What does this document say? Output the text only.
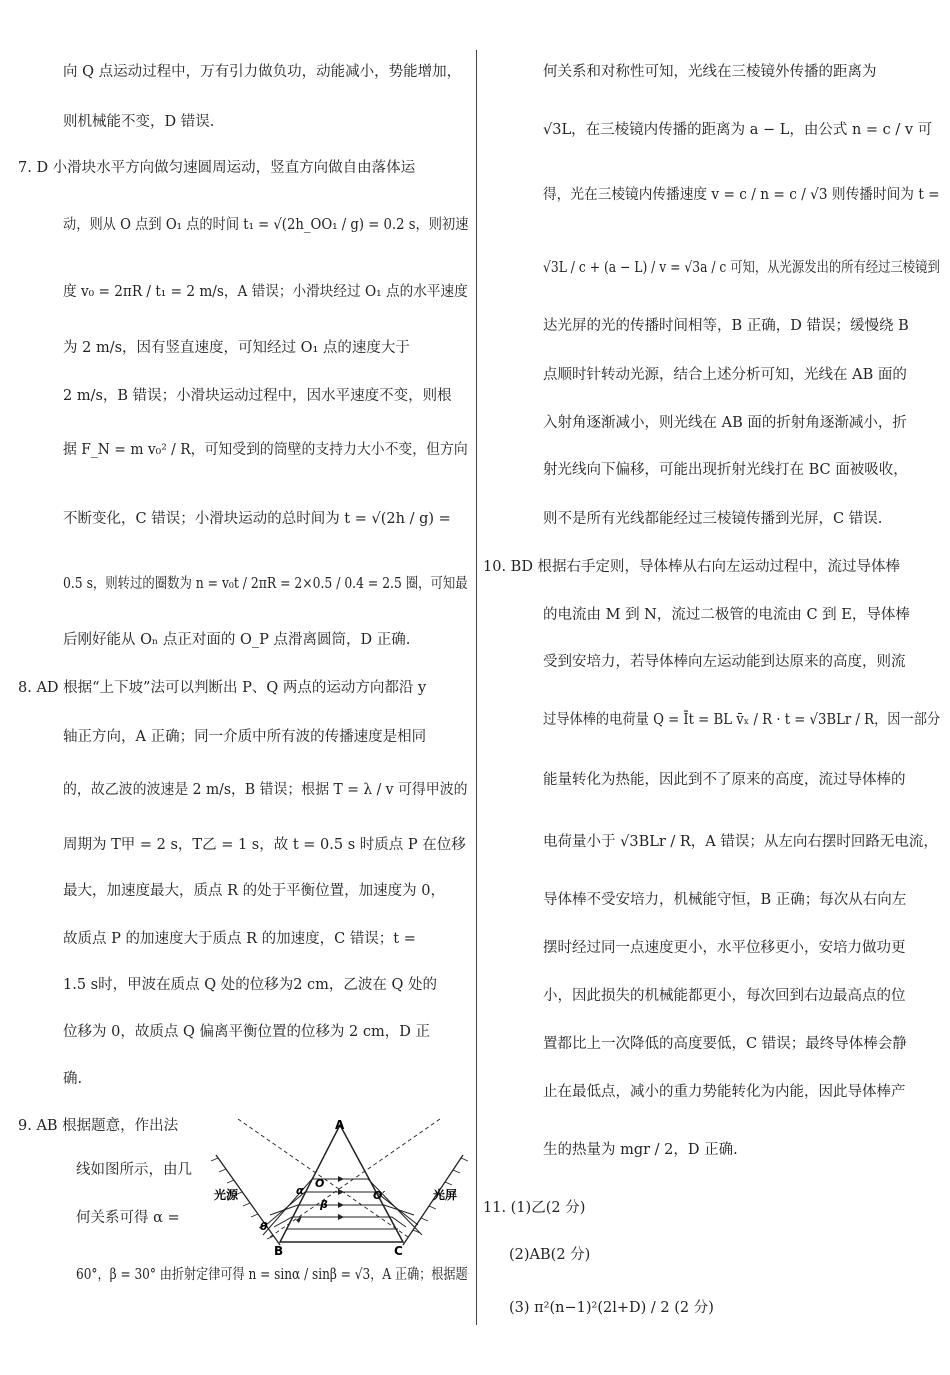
向 Q 点运动过程中，万有引力做负功，动能减小，势能增加，
则机械能不变，D 错误.
7. D 小滑块水平方向做匀速圆周运动，竖直方向做自由落体运
动，则从 O 点到 O₁ 点的时间 t₁ = √(2h_OO₁ / g) = 0.2 s，则初速
度 v₀ = 2πR / t₁ = 2 m/s，A 错误；小滑块经过 O₁ 点的水平速度
为 2 m/s，因有竖直速度，可知经过 O₁ 点的速度大于
2 m/s，B 错误；小滑块运动过程中，因水平速度不变，则根
据 F_N = m v₀² / R，可知受到的筒壁的支持力大小不变，但方向
不断变化，C 错误；小滑块运动的总时间为 t = √(2h / g) =
0.5 s，则转过的圈数为 n = v₀t / 2πR = 2×0.5 / 0.4 = 2.5 圈，可知最
后刚好能从 Oₙ 点正对面的 O_P 点滑离圆筒，D 正确.
8. AD 根据“上下坡”法可以判断出 P、Q 两点的运动方向都沿 y
轴正方向，A 正确；同一介质中所有波的传播速度是相同
的，故乙波的波速是 2 m/s，B 错误；根据 T = λ / v 可得甲波的
周期为 T甲 = 2 s，T乙 = 1 s，故 t = 0.5 s 时质点 P 在位移
最大，加速度最大，质点 R 的处于平衡位置，加速度为 0，
故质点 P 的加速度大于质点 R 的加速度，C 错误；t =
1.5 s时，甲波在质点 Q 处的位移为2 cm，乙波在 Q 处的
位移为 0，故质点 Q 偏离平衡位置的位移为 2 cm，D 正
确.
9. AB 根据题意，作出法
线如图所示，由几
何关系可得 α =
60°，β = 30° 由折射定律可得 n = sinα / sinβ = √3，A 正确；根据题
何关系和对称性可知，光线在三棱镜外传播的距离为
√3L，在三棱镜内传播的距离为 a − L，由公式 n = c / v 可
得，光在三棱镜内传播速度 v = c / n = c / √3 则传播时间为 t =
√3L / c + (a − L) / v = √3a / c 可知，从光源发出的所有经过三棱镜到
达光屏的光的传播时间相等，B 正确，D 错误；缓慢绕 B
点顺时针转动光源，结合上述分析可知，光线在 AB 面的
入射角逐渐减小，则光线在 AB 面的折射角逐渐减小，折
射光线向下偏移，可能出现折射光线打在 BC 面被吸收，
则不是所有光线都能经过三棱镜传播到光屏，C 错误.
10. BD 根据右手定则，导体棒从右向左运动过程中，流过导体棒
的电流由 M 到 N，流过二极管的电流由 C 到 E，导体棒
受到安培力，若导体棒向左运动能到达原来的高度，则流
过导体棒的电荷量 Q = Īt = BL v̄ₓ / R · t = √3BLr / R，因一部分
能量转化为热能，因此到不了原来的高度，流过导体棒的
电荷量小于 √3BLr / R，A 错误；从左向右摆时回路无电流，
导体棒不受安培力，机械能守恒，B 正确；每次从右向左
摆时经过同一点速度更小，水平位移更小，安培力做功更
小，因此损失的机械能都更小，每次回到右边最高点的位
置都比上一次降低的高度要低，C 错误；最终导体棒会静
止在最低点，减小的重力势能转化为内能，因此导体棒产
生的热量为 mgr / 2，D 正确.
11. (1)乙(2 分)
(2)AB(2 分)
(3) π²(n−1)²(2l+D) / 2 (2 分)
A
B	C
光源	光屏
α
β
θ
O
O′
